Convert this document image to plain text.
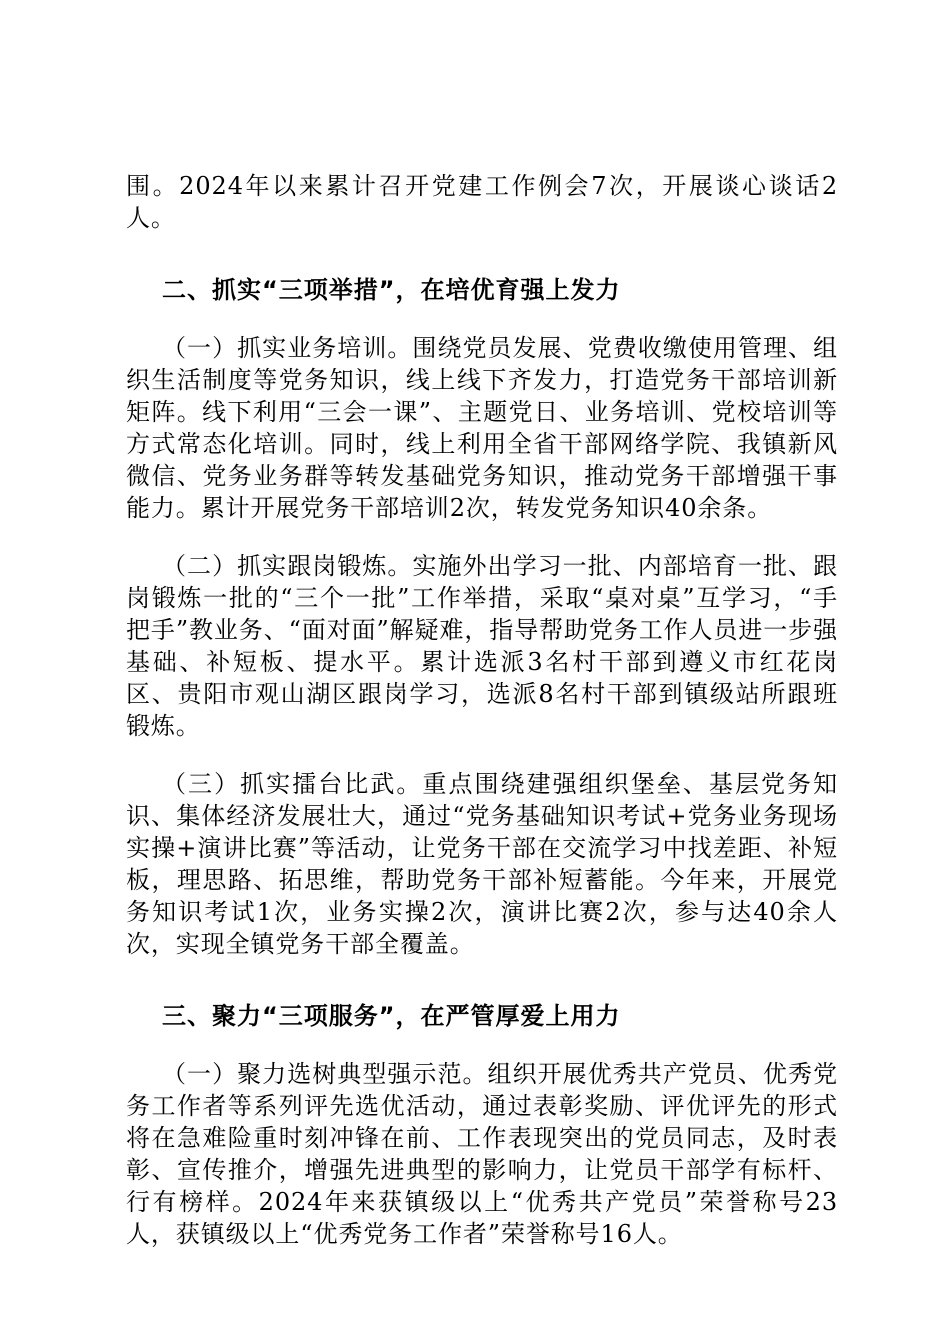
围。2024年以来累计召开党建工作例会7次，开展谈心谈话2人。

二、抓实“三项举措”，在培优育强上发力

（一）抓实业务培训。围绕党员发展、党费收缴使用管理、组织生活制度等党务知识，线上线下齐发力，打造党务干部培训新矩阵。线下利用“三会一课”、主题党日、业务培训、党校培训等方式常态化培训。同时，线上利用全省干部网络学院、我镇新风微信、党务业务群等转发基础党务知识，推动党务干部增强干事能力。累计开展党务干部培训2次，转发党务知识40余条。

（二）抓实跟岗锻炼。实施外出学习一批、内部培育一批、跟岗锻炼一批的“三个一批”工作举措，采取“桌对桌”互学习，“手把手”教业务、“面对面”解疑难，指导帮助党务工作人员进一步强基础、补短板、提水平。累计选派3名村干部到遵义市红花岗区、贵阳市观山湖区跟岗学习，选派8名村干部到镇级站所跟班锻炼。

（三）抓实擂台比武。重点围绕建强组织堡垒、基层党务知识、集体经济发展壮大，通过“党务基础知识考试+党务业务现场实操+演讲比赛”等活动，让党务干部在交流学习中找差距、补短板，理思路、拓思维，帮助党务干部补短蓄能。今年来，开展党务知识考试1次，业务实操2次，演讲比赛2次，参与达40余人次，实现全镇党务干部全覆盖。

三、聚力“三项服务”，在严管厚爱上用力

（一）聚力选树典型强示范。组织开展优秀共产党员、优秀党务工作者等系列评先选优活动，通过表彰奖励、评优评先的形式将在急难险重时刻冲锋在前、工作表现突出的党员同志，及时表彰、宣传推介，增强先进典型的影响力，让党员干部学有标杆、行有榜样。2024年来获镇级以上“优秀共产党员”荣誉称号23人，获镇级以上“优秀党务工作者”荣誉称号16人。
